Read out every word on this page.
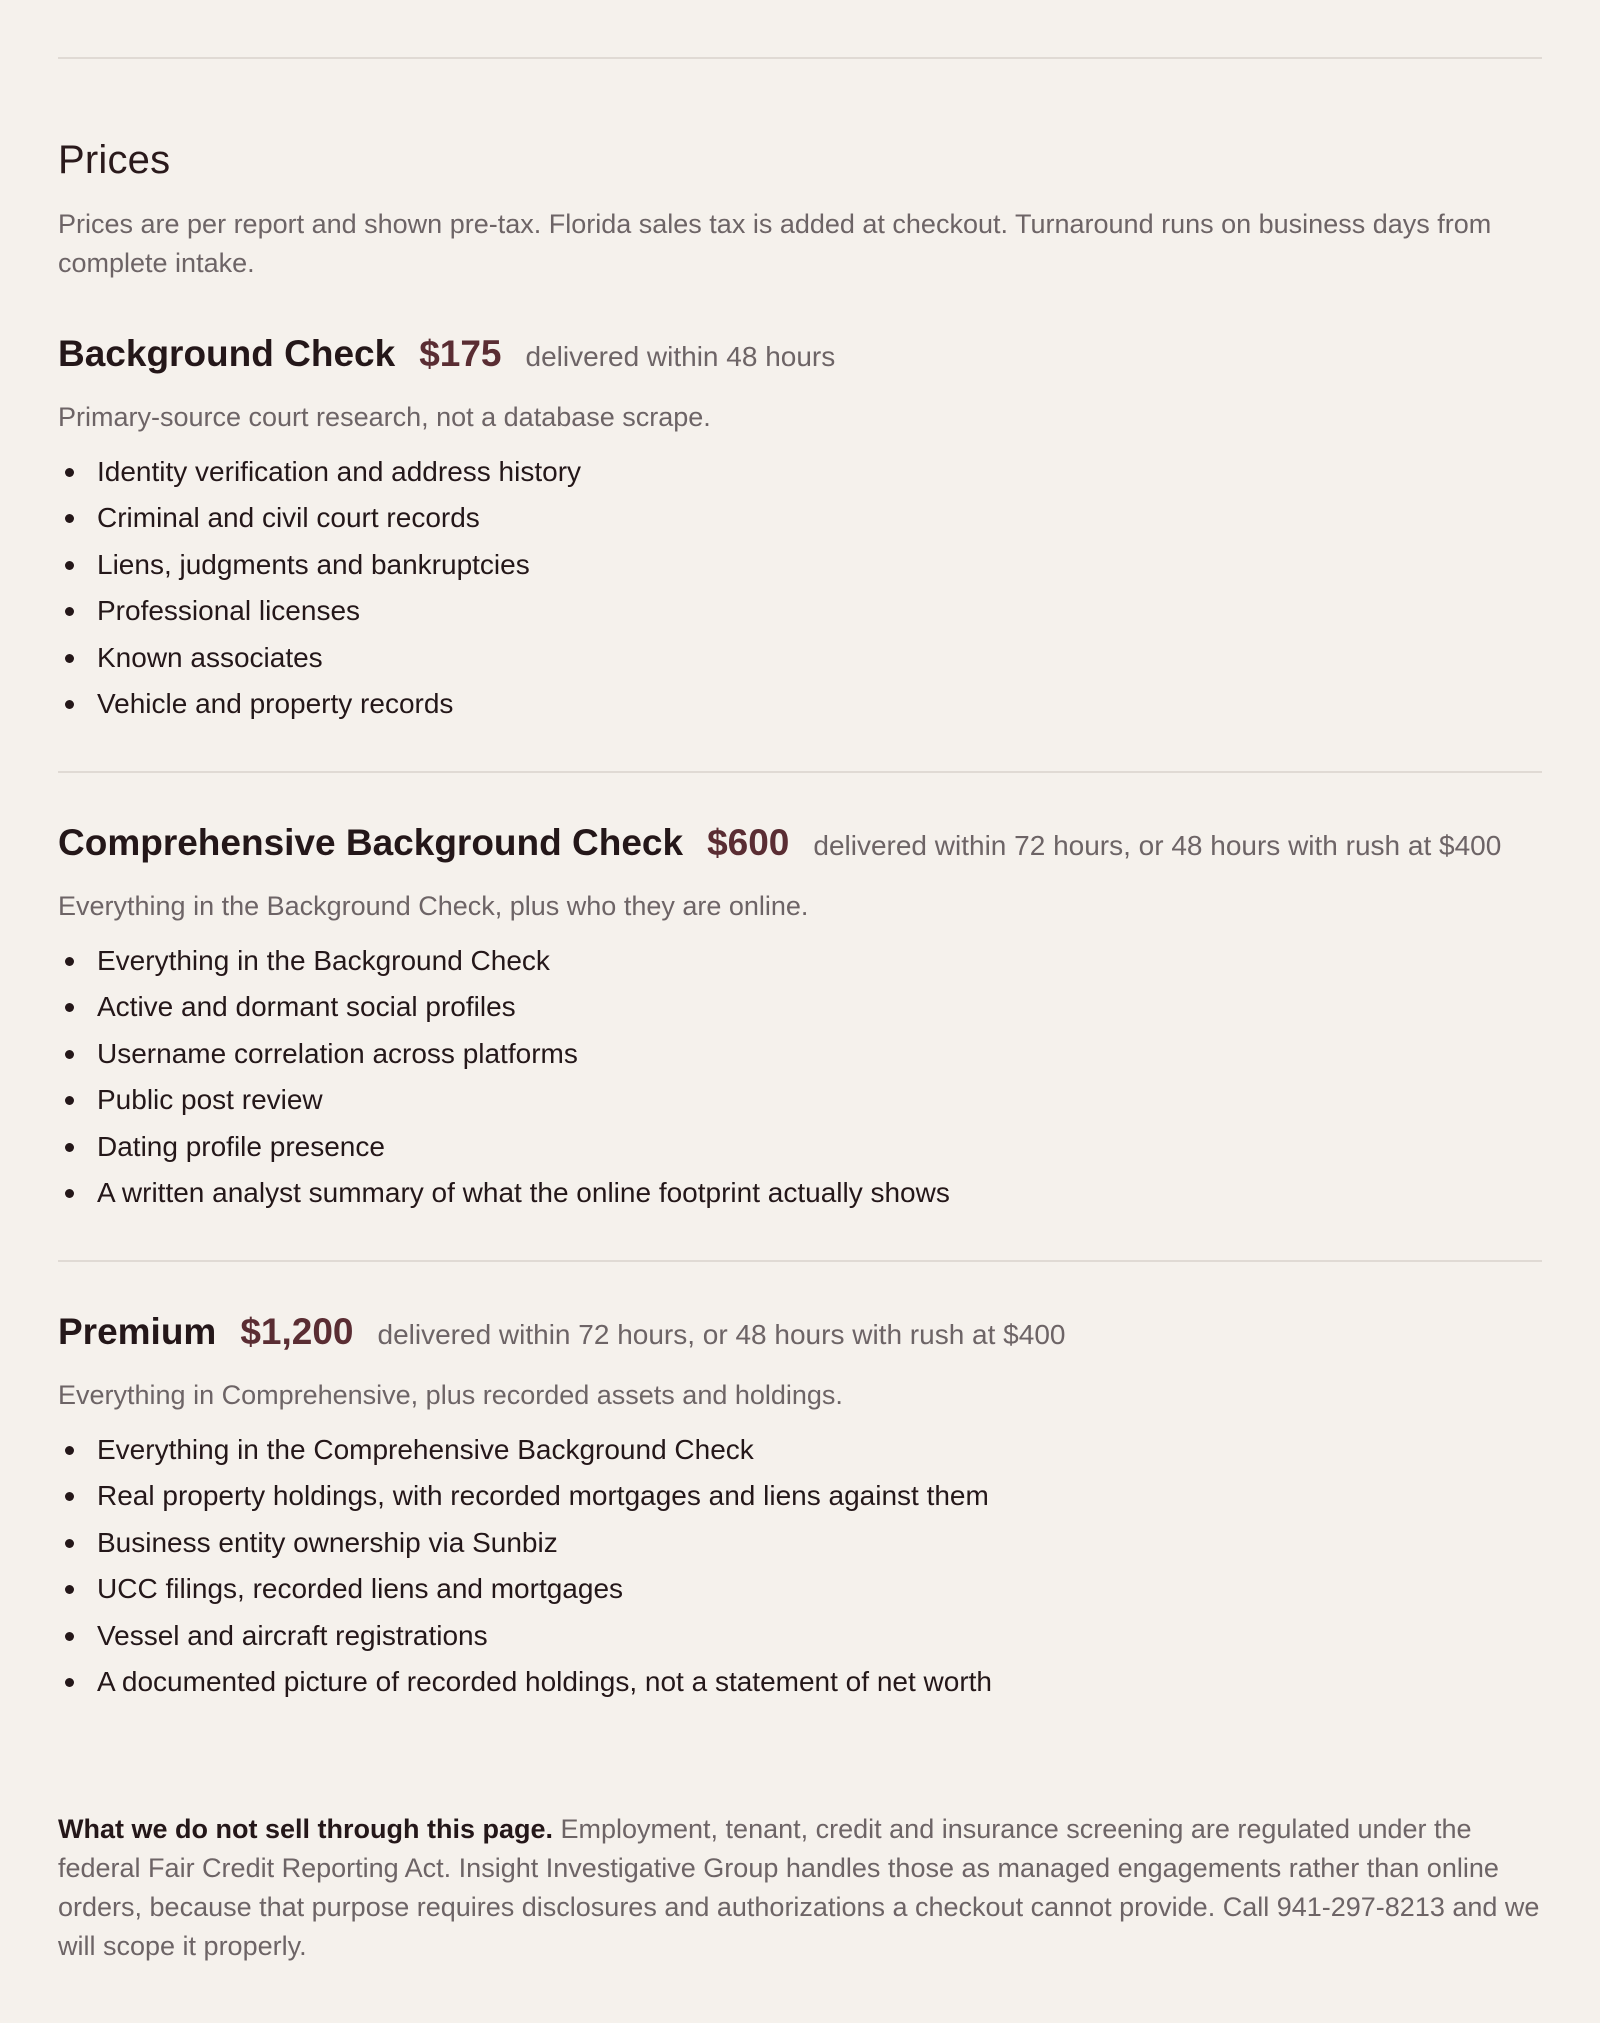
Prices

Prices are per report and shown pre-tax. Florida sales tax is added at checkout. Turnaround runs on business days from complete intake.

Background Check $175 delivered within 48 hours

Primary-source court research, not a database scrape.

Identity verification and address history
Criminal and civil court records
Liens, judgments and bankruptcies
Professional licenses
Known associates
Vehicle and property records
Comprehensive Background Check $600 delivered within 72 hours, or 48 hours with rush at $400

Everything in the Background Check, plus who they are online.

Everything in the Background Check
Active and dormant social profiles
Username correlation across platforms
Public post review
Dating profile presence
A written analyst summary of what the online footprint actually shows
Premium $1,200 delivered within 72 hours, or 48 hours with rush at $400

Everything in Comprehensive, plus recorded assets and holdings.

Everything in the Comprehensive Background Check
Real property holdings, with recorded mortgages and liens against them
Business entity ownership via Sunbiz
UCC filings, recorded liens and mortgages
Vessel and aircraft registrations
A documented picture of recorded holdings, not a statement of net worth

What we do not sell through this page. Employment, tenant, credit and insurance screening are regulated under the federal Fair Credit Reporting Act. Insight Investigative Group handles those as managed engagements rather than online orders, because that purpose requires disclosures and authorizations a checkout cannot provide. Call 941-297-8213 and we will scope it properly.
